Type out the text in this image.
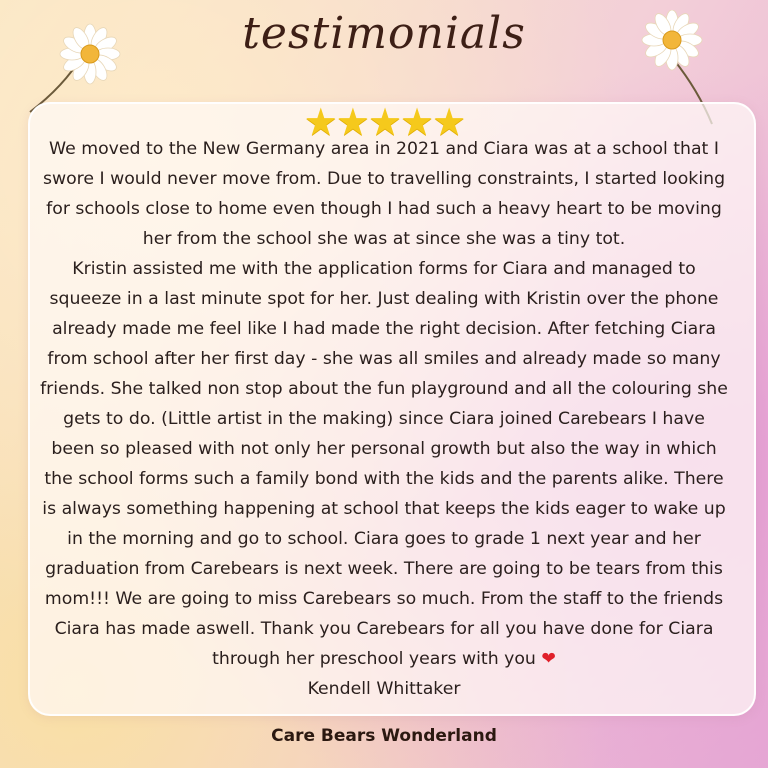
testimonials
★★★★★

We moved to the New Germany area in 2021 and Ciara was at a school that I swore I would never move from. Due to travelling constraints, I started looking for schools close to home even though I had such a heavy heart to be moving her from the school she was at since she was a tiny tot.

Kristin assisted me with the application forms for Ciara and managed to squeeze in a last minute spot for her. Just dealing with Kristin over the phone already made me feel like I had made the right decision. After fetching Ciara from school after her first day - she was all smiles and already made so many friends. She talked non stop about the fun playground and all the colouring she gets to do. (Little artist in the making) since Ciara joined Carebears I have been so pleased with not only her personal growth but also the way in which the school forms such a family bond with the kids and the parents alike. There is always something happening at school that keeps the kids eager to wake up in the morning and go to school. Ciara goes to grade 1 next year and her graduation from Carebears is next week. There are going to be tears from this mom!!! We are going to miss Carebears so much. From the staff to the friends Ciara has made aswell. Thank you Carebears for all you have done for Ciara through her preschool years with you ❤

Kendell Whittaker

Care Bears Wonderland
